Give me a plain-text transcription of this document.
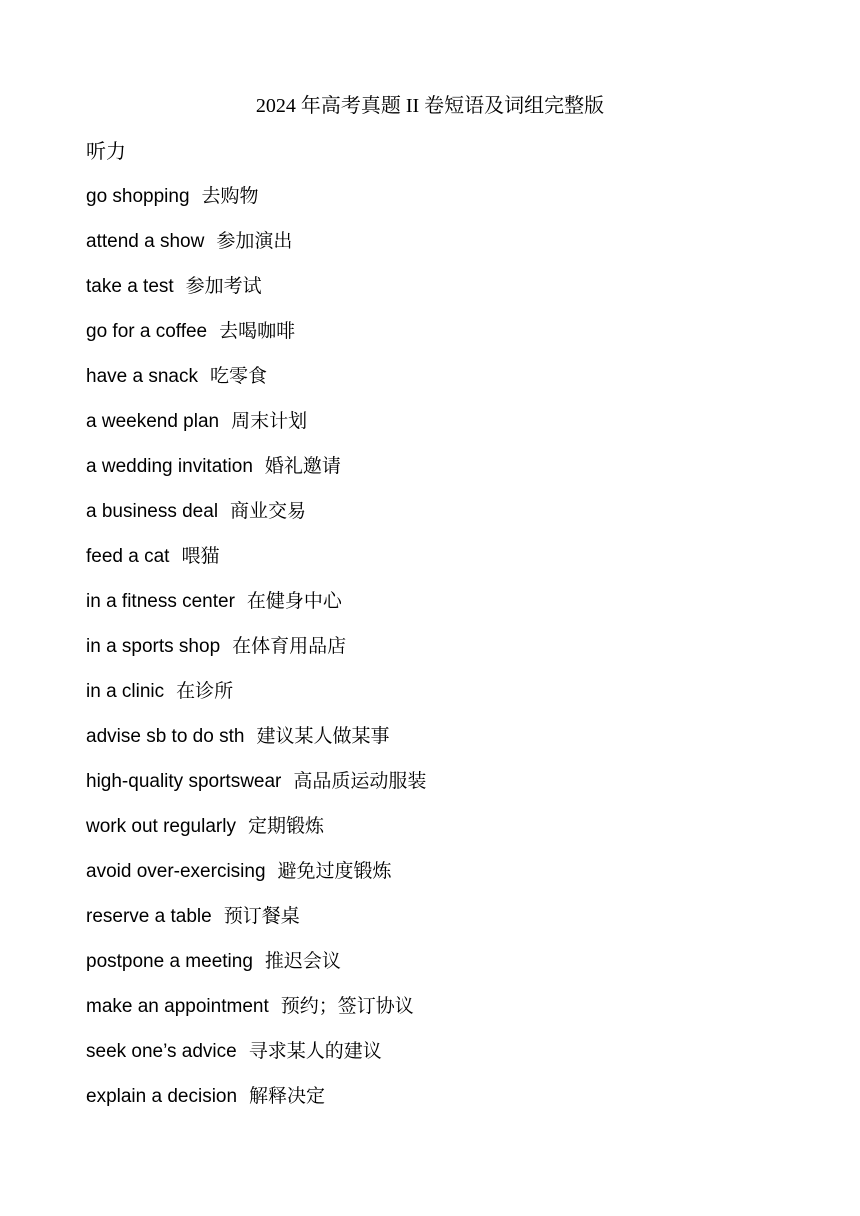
2024 年高考真题 II 卷短语及词组完整版
听力
go shopping 去购物
attend a show 参加演出
take a test 参加考试
go for a coffee 去喝咖啡
have a snack 吃零食
a weekend plan 周末计划
a wedding invitation 婚礼邀请
a business deal 商业交易
feed a cat 喂猫
in a fitness center 在健身中心
in a sports shop 在体育用品店
in a clinic 在诊所
advise sb to do sth 建议某人做某事
high-quality sportswear 高品质运动服装
work out regularly 定期锻炼
avoid over-exercising 避免过度锻炼
reserve a table 预订餐桌
postpone a meeting 推迟会议
make an appointment 预约；签订协议
seek one’s advice 寻求某人的建议
explain a decision 解释决定
